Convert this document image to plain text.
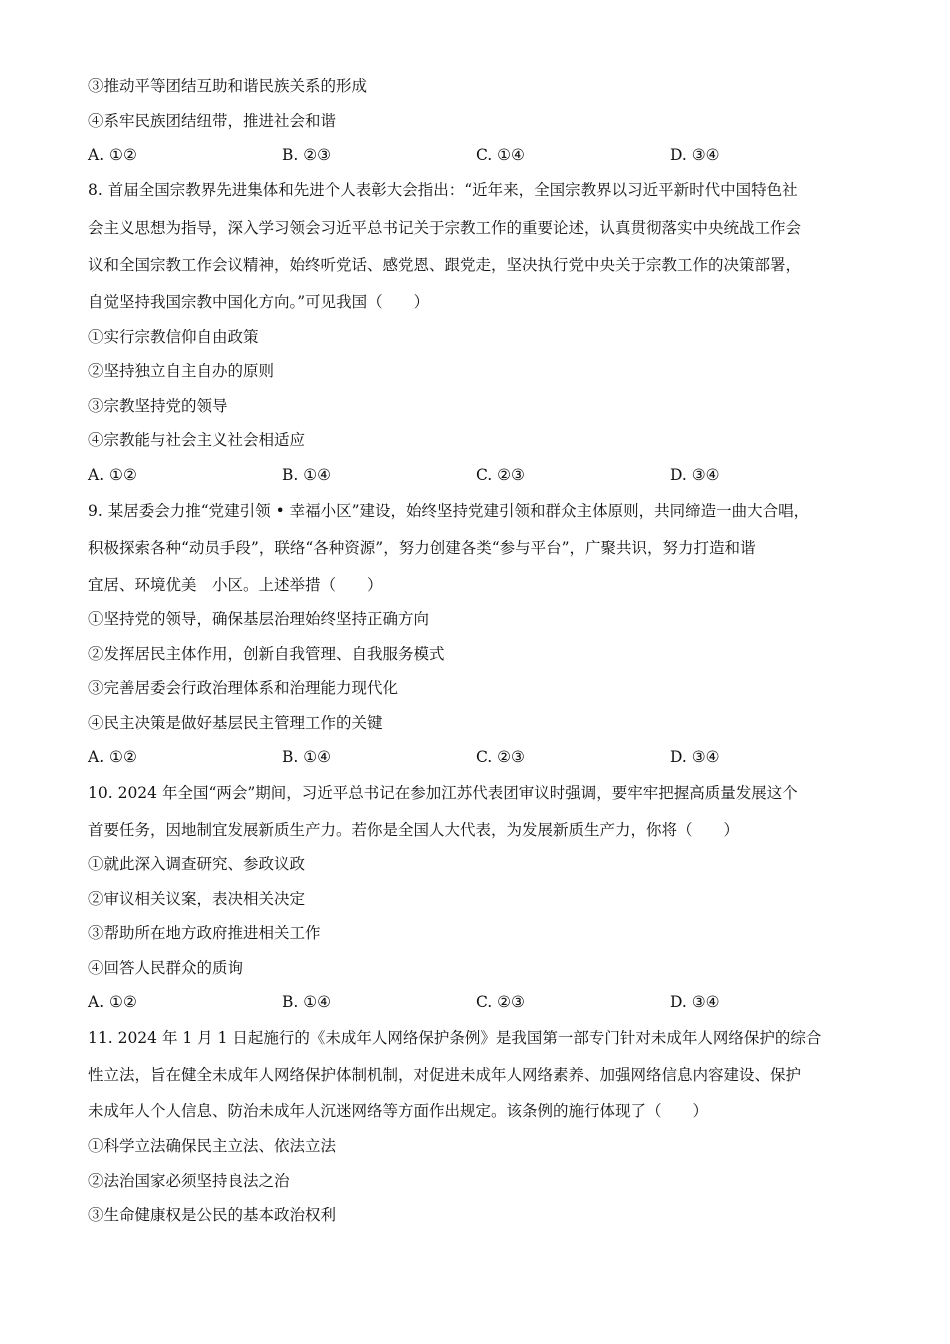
③推动平等团结互助和谐民族关系的形成
④系牢民族团结纽带，推进社会和谐
A. ①②	B. ②③	C. ①④	D. ③④
8. 首届全国宗教界先进集体和先进个人表彰大会指出：“近年来，全国宗教界以习近平新时代中国特色社
会主义思想为指导，深入学习领会习近平总书记关于宗教工作的重要论述，认真贯彻落实中央统战工作会
议和全国宗教工作会议精神，始终听党话、感党恩、跟党走，坚决执行党中央关于宗教工作的决策部署，
自觉坚持我国宗教中国化方向。”可见我国（　　）
①实行宗教信仰自由政策
②坚持独立自主自办的原则
③宗教坚持党的领导
④宗教能与社会主义社会相适应
A. ①②	B. ①④	C. ②③	D. ③④
9. 某居委会力推“党建引领 • 幸福小区”建设，始终坚持党建引领和群众主体原则，共同缔造一曲大合唱，
积极探索各种“动员手段”，联络“各种资源”，努力创建各类“参与平台”，广聚共识，努力打造和谐
宜居、环境优美　小区。上述举措（　　）
①坚持党的领导，确保基层治理始终坚持正确方向
②发挥居民主体作用，创新自我管理、自我服务模式
③完善居委会行政治理体系和治理能力现代化
④民主决策是做好基层民主管理工作的关键
A. ①②	B. ①④	C. ②③	D. ③④
10. 2024 年全国“两会”期间，习近平总书记在参加江苏代表团审议时强调，要牢牢把握高质量发展这个
首要任务，因地制宜发展新质生产力。若你是全国人大代表，为发展新质生产力，你将（　　）
①就此深入调查研究、参政议政
②审议相关议案，表决相关决定
③帮助所在地方政府推进相关工作
④回答人民群众的质询
A. ①②	B. ①④	C. ②③	D. ③④
11. 2024 年 1 月 1 日起施行的《未成年人网络保护条例》是我国第一部专门针对未成年人网络保护的综合
性立法，旨在健全未成年人网络保护体制机制，对促进未成年人网络素养、加强网络信息内容建设、保护
未成年人个人信息、防治未成年人沉迷网络等方面作出规定。该条例的施行体现了（　　）
①科学立法确保民主立法、依法立法
②法治国家必须坚持良法之治
③生命健康权是公民的基本政治权利
